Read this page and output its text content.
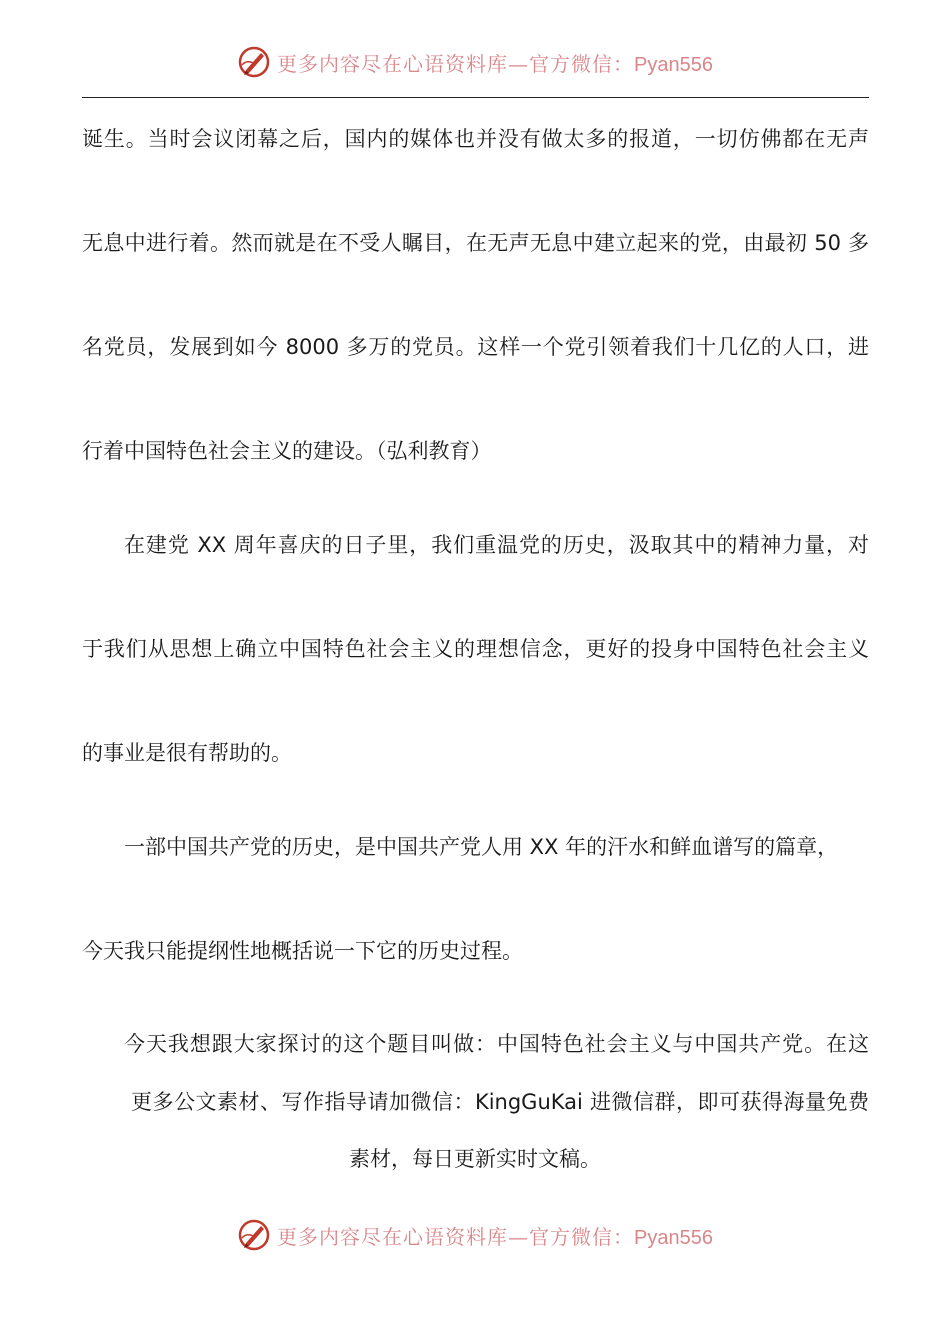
更多内容尽在心语资料库—官方微信：Pyan556
诞生。当时会议闭幕之后，国内的媒体也并没有做太多的报道，一切仿佛都在无声
无息中进行着。然而就是在不受人瞩目，在无声无息中建立起来的党，由最初 50 多
名党员，发展到如今 8000 多万的党员。这样一个党引领着我们十几亿的人口，进
行着中国特色社会主义的建设。（弘利教育）
在建党 XX 周年喜庆的日子里，我们重温党的历史，汲取其中的精神力量，对
于我们从思想上确立中国特色社会主义的理想信念，更好的投身中国特色社会主义
的事业是很有帮助的。
一部中国共产党的历史，是中国共产党人用 XX 年的汗水和鲜血谱写的篇章，
今天我只能提纲性地概括说一下它的历史过程。
今天我想跟大家探讨的这个题目叫做：中国特色社会主义与中国共产党。在这
更多公文素材、写作指导请加微信：KingGuKai 进微信群，即可获得海量免费
素材，每日更新实时文稿。
更多内容尽在心语资料库—官方微信：Pyan556
